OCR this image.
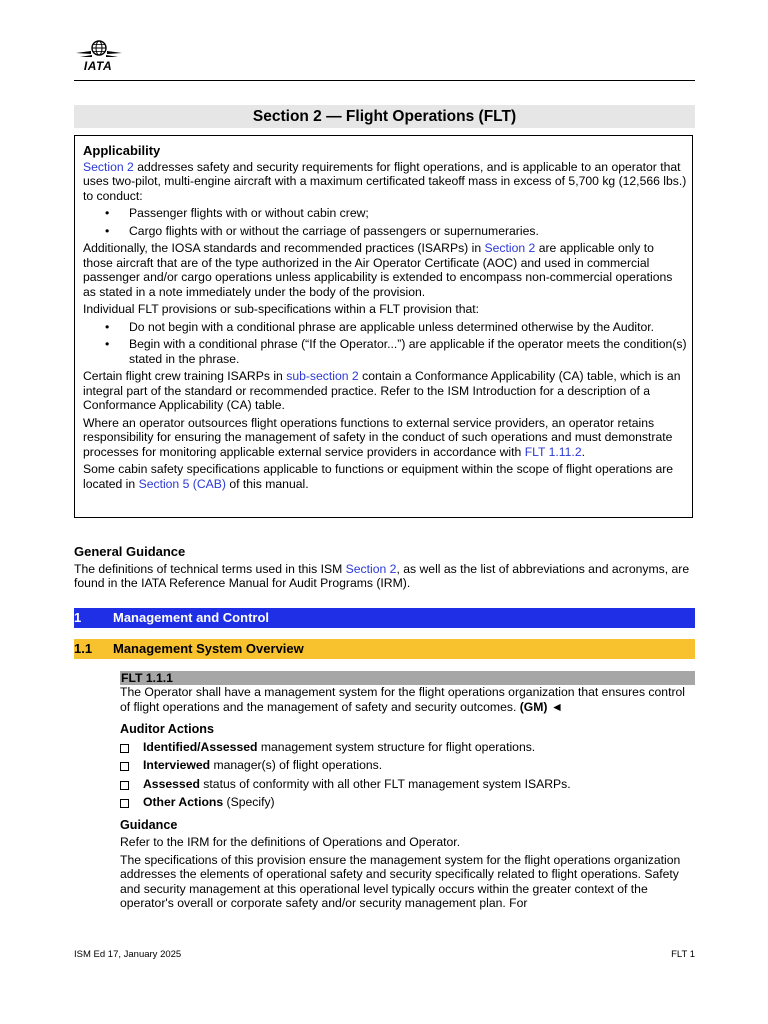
IATA
Section 2 — Flight Operations (FLT)
Applicability

Section 2 addresses safety and security requirements for flight operations, and is applicable to an operator that uses two-pilot, multi-engine aircraft with a maximum certificated takeoff mass in excess of 5,700 kg (12,566 lbs.) to conduct:

• Passenger flights with or without cabin crew;
• Cargo flights with or without the carriage of passengers or supernumeraries.

Additionally, the IOSA standards and recommended practices (ISARPs) in Section 2 are applicable only to those aircraft that are of the type authorized in the Air Operator Certificate (AOC) and used in commercial passenger and/or cargo operations unless applicability is extended to encompass non-commercial operations as stated in a note immediately under the body of the provision.

Individual FLT provisions or sub-specifications within a FLT provision that:

• Do not begin with a conditional phrase are applicable unless determined otherwise by the Auditor.
• Begin with a conditional phrase (“If the Operator...”) are applicable if the operator meets the condition(s) stated in the phrase.

Certain flight crew training ISARPs in sub-section 2 contain a Conformance Applicability (CA) table, which is an integral part of the standard or recommended practice. Refer to the ISM Introduction for a description of a Conformance Applicability (CA) table.

Where an operator outsources flight operations functions to external service providers, an operator retains responsibility for ensuring the management of safety in the conduct of such operations and must demonstrate processes for monitoring applicable external service providers in accordance with FLT 1.11.2.

Some cabin safety specifications applicable to functions or equipment within the scope of flight operations are located in Section 5 (CAB) of this manual.

General Guidance
The definitions of technical terms used in this ISM Section 2, as well as the list of abbreviations and acronyms, are found in the IATA Reference Manual for Audit Programs (IRM).
1 Management and Control
1.1 Management System Overview
FLT 1.1.1
The Operator shall have a management system for the flight operations organization that ensures control of flight operations and the management of safety and security outcomes. (GM) ◄
Auditor Actions
Identified/Assessed management system structure for flight operations.
Interviewed manager(s) of flight operations.
Assessed status of conformity with all other FLT management system ISARPs.
Other Actions (Specify)
Guidance

Refer to the IRM for the definitions of Operations and Operator.

The specifications of this provision ensure the management system for the flight operations organization addresses the elements of operational safety and security specifically related to flight operations. Safety and security management at this operational level typically occurs within the greater context of the operator's overall or corporate safety and/or security management plan. For

ISM Ed 17, January 2025	FLT 1
